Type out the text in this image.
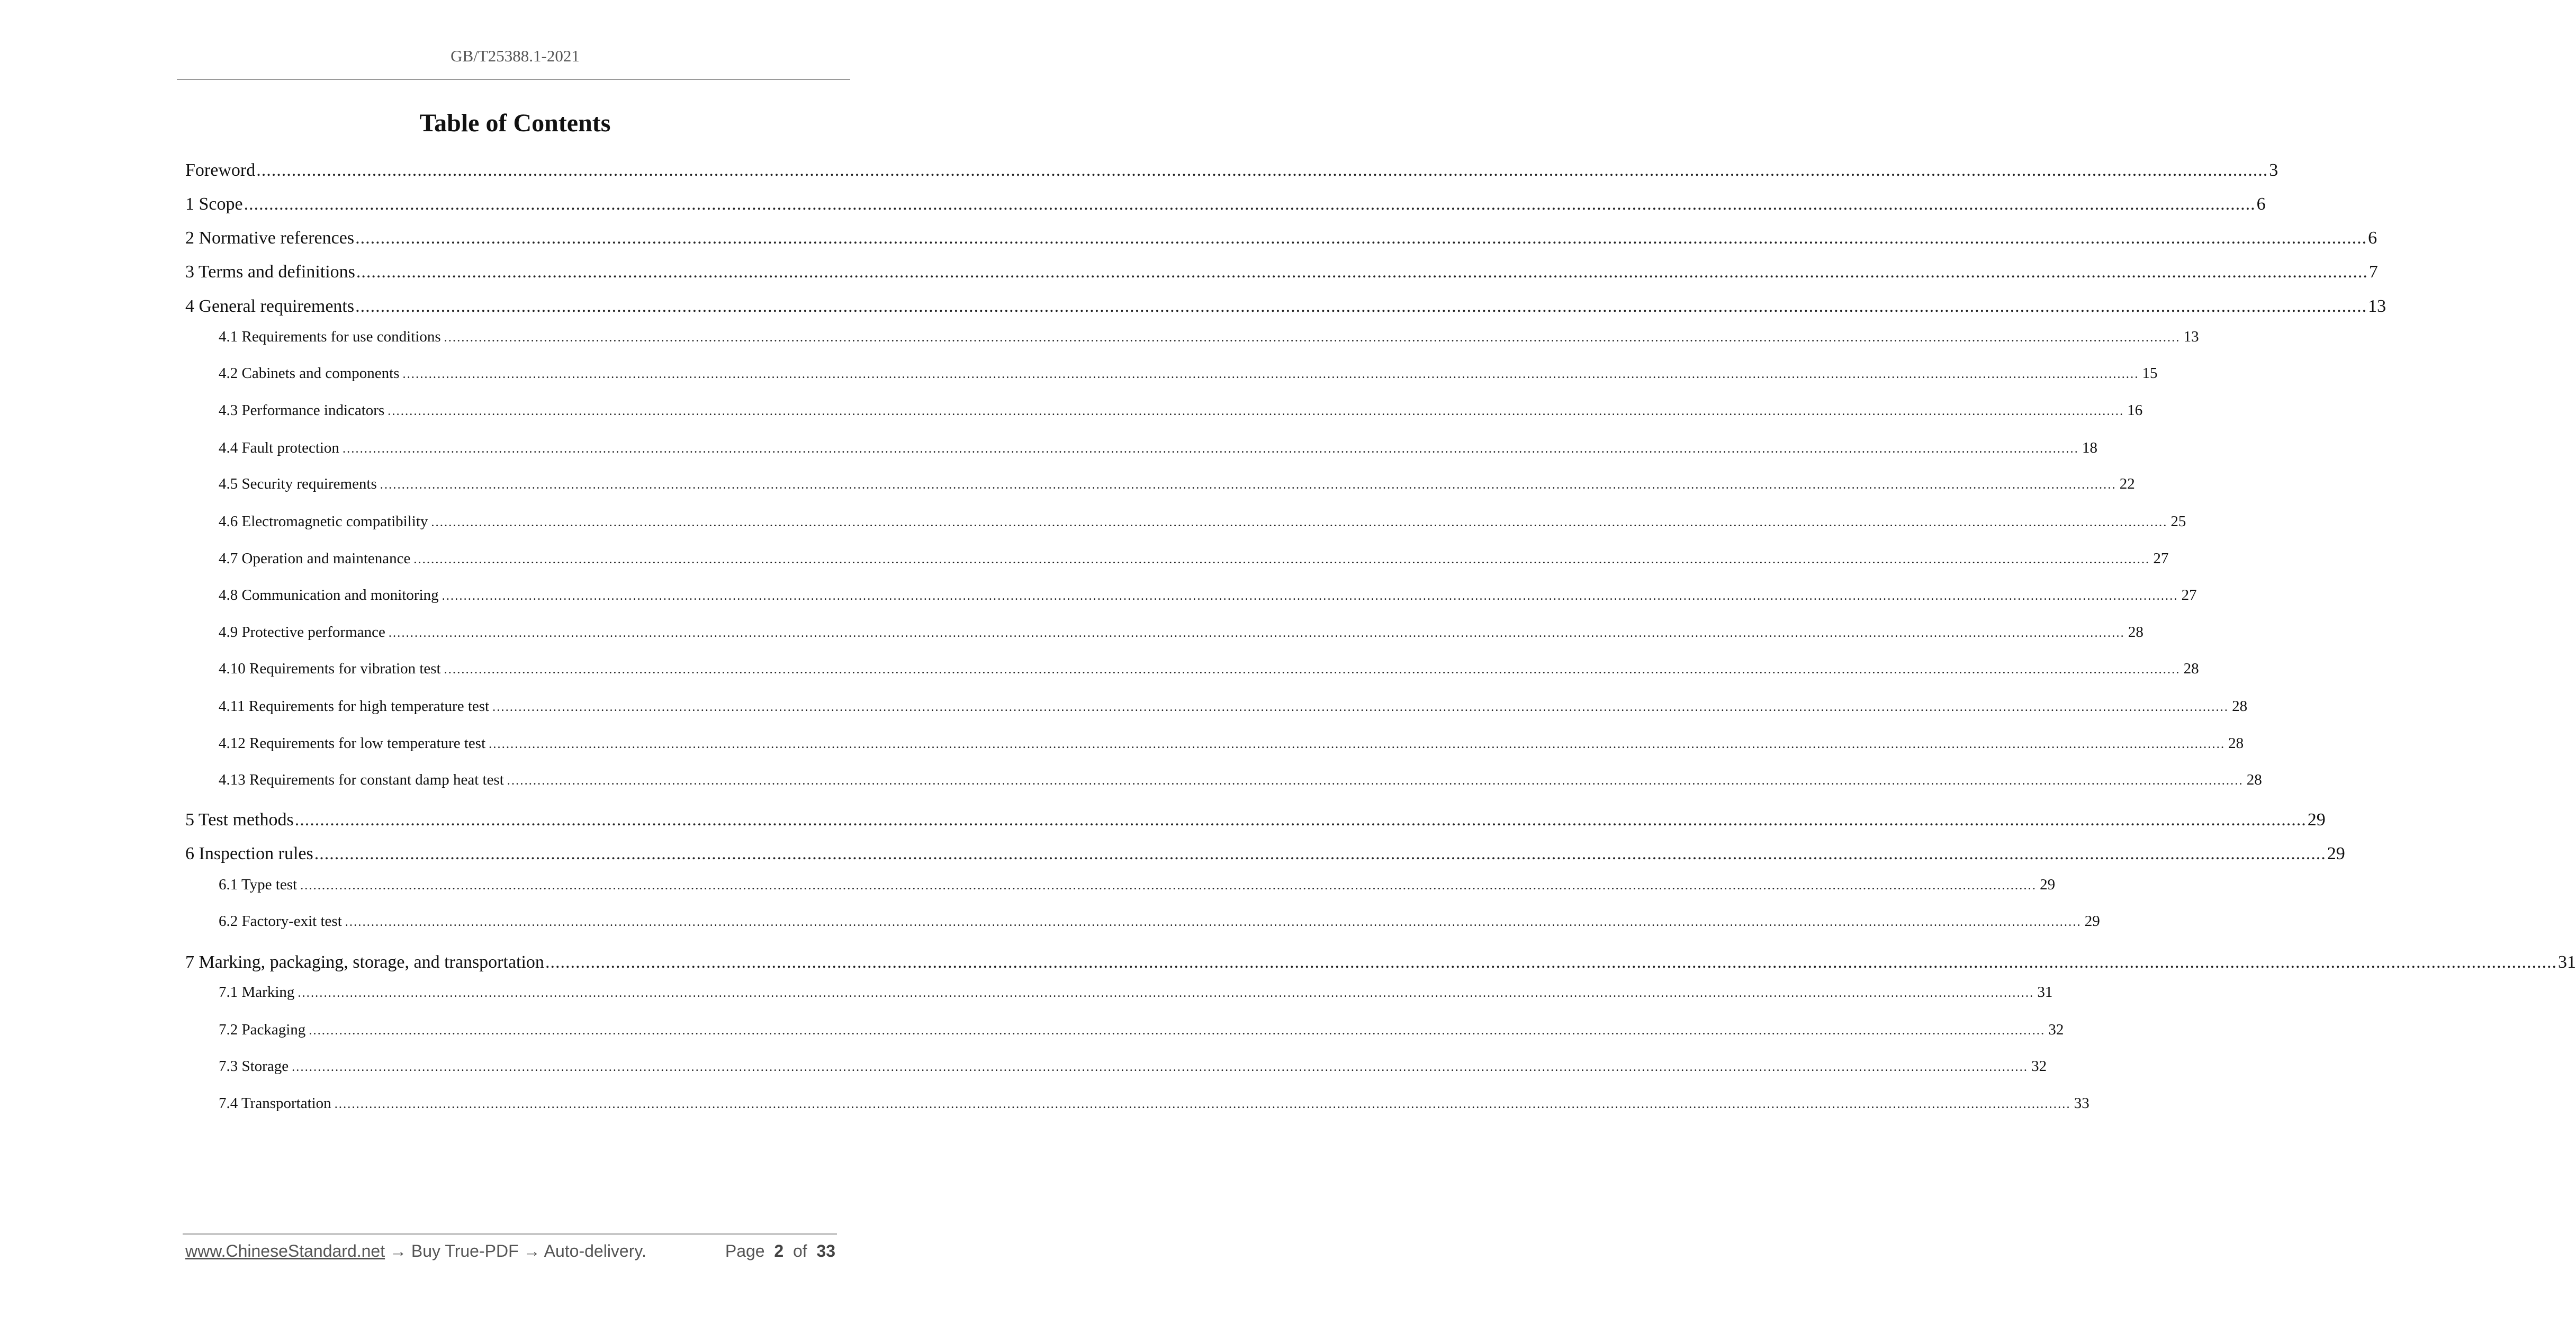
GB/T25388.1-2021
Table of Contents
Foreword ................................................................................................................................................................................................................................................................................................................................................................................................................ 3
1 Scope ................................................................................................................................................................................................................................................................................................................................................................................................................ 6
2 Normative references ................................................................................................................................................................................................................................................................................................................................................................................................................ 6
3 Terms and definitions ................................................................................................................................................................................................................................................................................................................................................................................................................ 7
4 General requirements ................................................................................................................................................................................................................................................................................................................................................................................................................ 13
4.1 Requirements for use conditions ................................................................................................................................................................................................................................................................................................................................................................................................................ 13
4.2 Cabinets and components ................................................................................................................................................................................................................................................................................................................................................................................................................ 15
4.3 Performance indicators ................................................................................................................................................................................................................................................................................................................................................................................................................ 16
4.4 Fault protection ................................................................................................................................................................................................................................................................................................................................................................................................................ 18
4.5 Security requirements ................................................................................................................................................................................................................................................................................................................................................................................................................ 22
4.6 Electromagnetic compatibility ................................................................................................................................................................................................................................................................................................................................................................................................................ 25
4.7 Operation and maintenance ................................................................................................................................................................................................................................................................................................................................................................................................................ 27
4.8 Communication and monitoring ................................................................................................................................................................................................................................................................................................................................................................................................................ 27
4.9 Protective performance ................................................................................................................................................................................................................................................................................................................................................................................................................ 28
4.10 Requirements for vibration test ................................................................................................................................................................................................................................................................................................................................................................................................................ 28
4.11 Requirements for high temperature test ................................................................................................................................................................................................................................................................................................................................................................................................................ 28
4.12 Requirements for low temperature test ................................................................................................................................................................................................................................................................................................................................................................................................................ 28
4.13 Requirements for constant damp heat test ................................................................................................................................................................................................................................................................................................................................................................................................................ 28
5 Test methods ................................................................................................................................................................................................................................................................................................................................................................................................................ 29
6 Inspection rules ................................................................................................................................................................................................................................................................................................................................................................................................................ 29
6.1 Type test ................................................................................................................................................................................................................................................................................................................................................................................................................ 29
6.2 Factory-exit test ................................................................................................................................................................................................................................................................................................................................................................................................................ 29
7 Marking, packaging, storage, and transportation ................................................................................................................................................................................................................................................................................................................................................................................................................ 31
7.1 Marking ................................................................................................................................................................................................................................................................................................................................................................................................................ 31
7.2 Packaging ................................................................................................................................................................................................................................................................................................................................................................................................................ 32
7.3 Storage ................................................................................................................................................................................................................................................................................................................................................................................................................ 32
7.4 Transportation ................................................................................................................................................................................................................................................................................................................................................................................................................ 33
www.ChineseStandard.net → Buy True-PDF → Auto-delivery.	Page 2 of 33
